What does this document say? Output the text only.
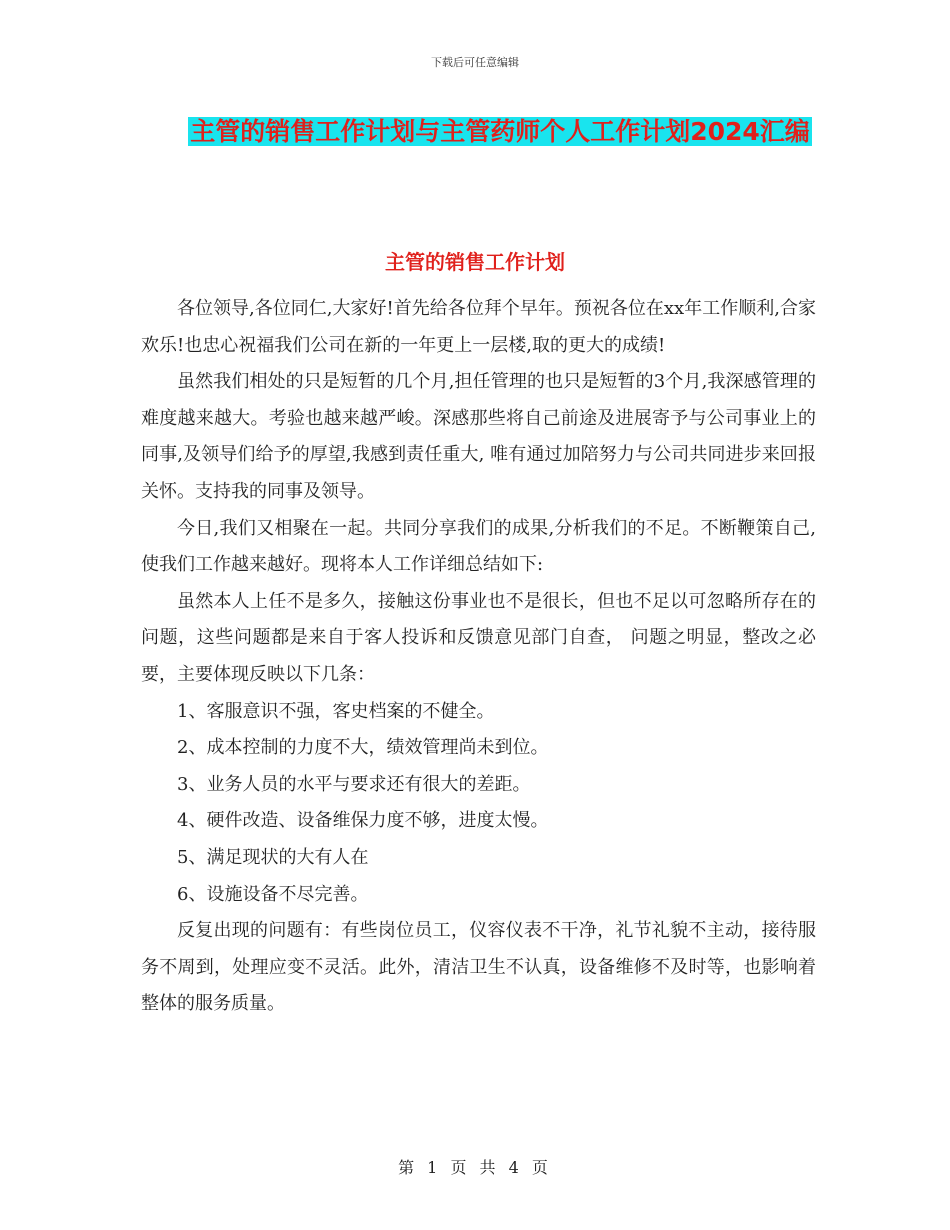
下载后可任意编辑
主管的销售工作计划与主管药师个人工作计划2024汇编
主管的销售工作计划

各位领导,各位同仁,大家好!首先给各位拜个早年。预祝各位在xx年工作顺利,合家欢乐!也忠心祝福我们公司在新的一年更上一层楼,取的更大的成绩!

虽然我们相处的只是短暂的几个月,担任管理的也只是短暂的3个月,我深感管理的难度越来越大。考验也越来越严峻。深感那些将自己前途及进展寄予与公司事业上的同事,及领导们给予的厚望,我感到责任重大, 唯有通过加陪努力与公司共同进步来回报关怀。支持我的同事及领导。

今日,我们又相聚在一起。共同分享我们的成果,分析我们的不足。不断鞭策自己,使我们工作越来越好。现将本人工作详细总结如下:

虽然本人上任不是多久，接触这份事业也不是很长，但也不足以可忽略所存在的问题，这些问题都是来自于客人投诉和反馈意见部门自查， 问题之明显，整改之必要，主要体现反映以下几条：

1、客服意识不强，客史档案的不健全。

2、成本控制的力度不大，绩效管理尚未到位。

3、业务人员的水平与要求还有很大的差距。

4、硬件改造、设备维保力度不够，进度太慢。

5、满足现状的大有人在

6、设施设备不尽完善。

反复出现的问题有：有些岗位员工，仪容仪表不干净，礼节礼貌不主动，接待服务不周到，处理应变不灵活。此外，清洁卫生不认真，设备维修不及时等，也影响着整体的服务质量。

第 1 页 共 4 页
